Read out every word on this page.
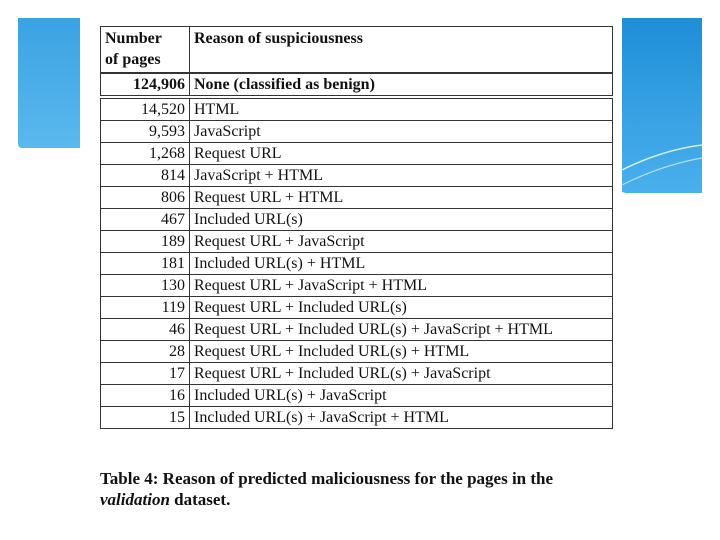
Number
of pages	Reason of suspiciousness
124,906	None (classified as benign)
14,520	HTML
9,593	JavaScript
1,268	Request URL
814	JavaScript + HTML
806	Request URL + HTML
467	Included URL(s)
189	Request URL + JavaScript
181	Included URL(s) + HTML
130	Request URL + JavaScript + HTML
119	Request URL + Included URL(s)
46	Request URL + Included URL(s) + JavaScript + HTML
28	Request URL + Included URL(s) + HTML
17	Request URL + Included URL(s) + JavaScript
16	Included URL(s) + JavaScript
15	Included URL(s) + JavaScript + HTML
Table 4: Reason of predicted maliciousness for the pages in the
validation dataset.
